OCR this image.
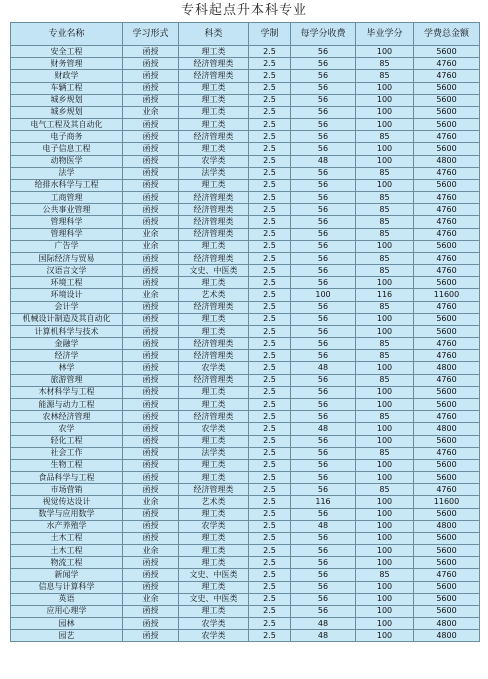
专科起点升本科专业
专业名称	学习形式	科类	学制	每学分收费	毕业学分	学费总金额
安全工程	函授	理工类	2.5	56	100	5600
财务管理	函授	经济管理类	2.5	56	85	4760
财政学	函授	经济管理类	2.5	56	85	4760
车辆工程	函授	理工类	2.5	56	100	5600
城乡规划	函授	理工类	2.5	56	100	5600
城乡规划	业余	理工类	2.5	56	100	5600
电气工程及其自动化	函授	理工类	2.5	56	100	5600
电子商务	函授	经济管理类	2.5	56	85	4760
电子信息工程	函授	理工类	2.5	56	100	5600
动物医学	函授	农学类	2.5	48	100	4800
法学	函授	法学类	2.5	56	85	4760
给排水科学与工程	函授	理工类	2.5	56	100	5600
工商管理	函授	经济管理类	2.5	56	85	4760
公共事业管理	函授	经济管理类	2.5	56	85	4760
管理科学	函授	经济管理类	2.5	56	85	4760
管理科学	业余	经济管理类	2.5	56	85	4760
广告学	业余	理工类	2.5	56	100	5600
国际经济与贸易	函授	经济管理类	2.5	56	85	4760
汉语言文学	函授	文史、中医类	2.5	56	85	4760
环境工程	函授	理工类	2.5	56	100	5600
环境设计	业余	艺术类	2.5	100	116	11600
会计学	函授	经济管理类	2.5	56	85	4760
机械设计制造及其自动化	函授	理工类	2.5	56	100	5600
计算机科学与技术	函授	理工类	2.5	56	100	5600
金融学	函授	经济管理类	2.5	56	85	4760
经济学	函授	经济管理类	2.5	56	85	4760
林学	函授	农学类	2.5	48	100	4800
旅游管理	函授	经济管理类	2.5	56	85	4760
木材科学与工程	函授	理工类	2.5	56	100	5600
能源与动力工程	函授	理工类	2.5	56	100	5600
农林经济管理	函授	经济管理类	2.5	56	85	4760
农学	函授	农学类	2.5	48	100	4800
轻化工程	函授	理工类	2.5	56	100	5600
社会工作	函授	法学类	2.5	56	85	4760
生物工程	函授	理工类	2.5	56	100	5600
食品科学与工程	函授	理工类	2.5	56	100	5600
市场营销	函授	经济管理类	2.5	56	85	4760
视觉传达设计	业余	艺术类	2.5	116	100	11600
数学与应用数学	函授	理工类	2.5	56	100	5600
水产养殖学	函授	农学类	2.5	48	100	4800
土木工程	函授	理工类	2.5	56	100	5600
土木工程	业余	理工类	2.5	56	100	5600
物流工程	函授	理工类	2.5	56	100	5600
新闻学	函授	文史、中医类	2.5	56	85	4760
信息与计算科学	函授	理工类	2.5	56	100	5600
英语	业余	文史、中医类	2.5	56	100	5600
应用心理学	函授	理工类	2.5	56	100	5600
园林	函授	农学类	2.5	48	100	4800
园艺	函授	农学类	2.5	48	100	4800
激活Win
